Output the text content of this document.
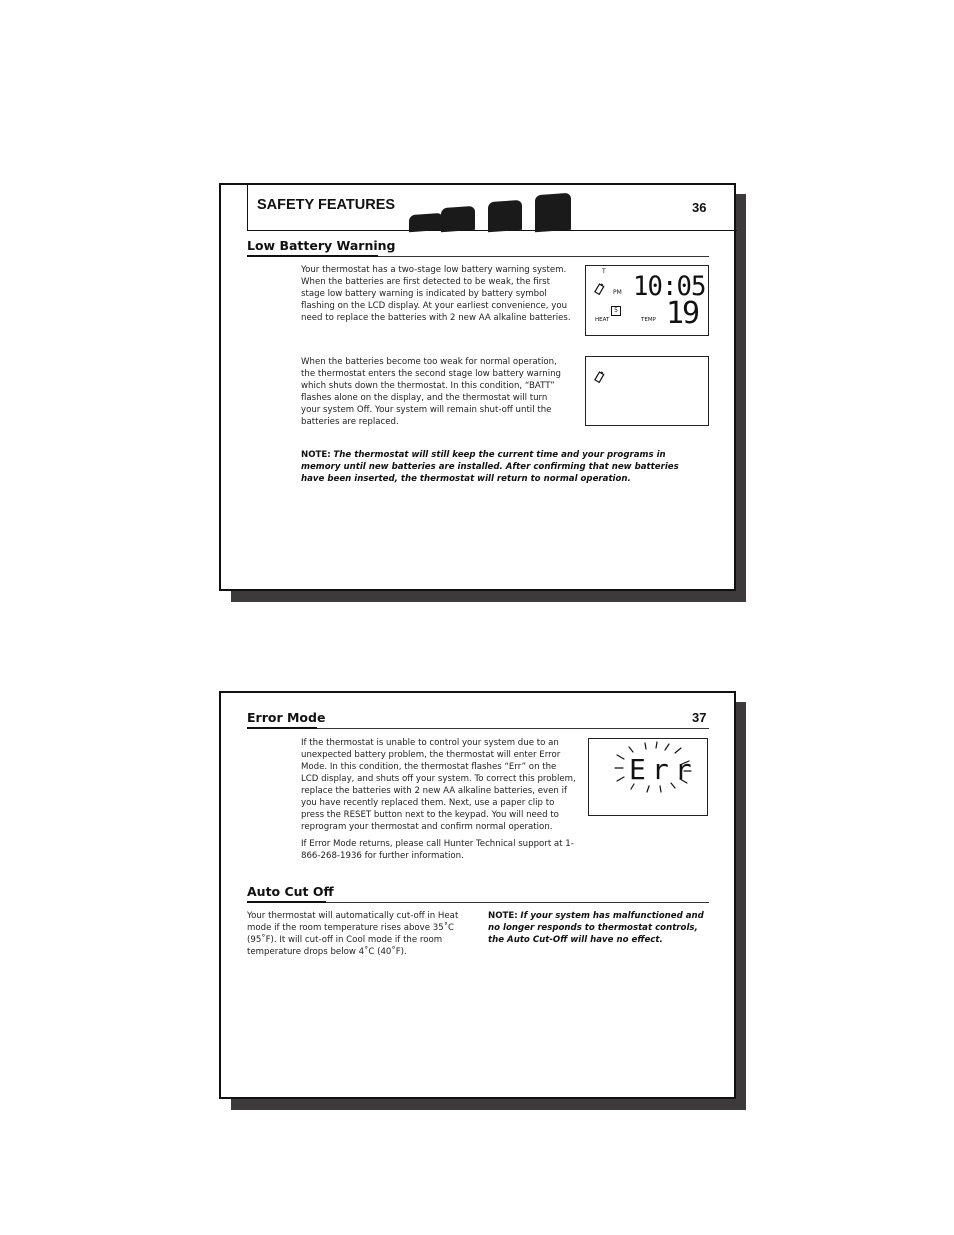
SAFETY FEATURES	36
Low Battery Warning
Your thermostat has a two-stage low battery warning system. When the batteries are first detected to be weak, the first stage low battery warning is indicated by battery symbol flashing on the LCD display. At your earliest convenience, you need to replace the batteries with 2 new AA alkaline batteries.
When the batteries become too weak for normal operation, the thermostat enters the second stage low battery warning which shuts down the thermostat. In this condition, “BATT” flashes alone on the display, and the thermostat will turn your system Off. Your system will remain shut-off until the batteries are replaced.
T
PM 10:05
5
HEAT	TEMP 19
NOTE: The thermostat will still keep the current time and your programs in memory until new batteries are installed. After confirming that new batteries have been inserted, the thermostat will return to normal operation.
Error Mode	37
If the thermostat is unable to control your system due to an unexpected battery problem, the thermostat will enter Error Mode. In this condition, the thermostat flashes “Err” on the LCD display, and shuts off your system. To correct this problem, replace the batteries with 2 new AA alkaline batteries, even if you have recently replaced them. Next, use a paper clip to press the RESET button next to the keypad. You will need to reprogram your thermostat and confirm normal operation.
If Error Mode returns, please call Hunter Technical support at 1-866-268-1936 for further information.
Err
Auto Cut Off
Your thermostat will automatically cut-off in Heat mode if the room temperature rises above 35˚C (95˚F). It will cut-off in Cool mode if the room temperature drops below 4˚C (40˚F).
NOTE: If your system has malfunctioned and no longer responds to thermostat controls, the Auto Cut-Off will have no effect.
